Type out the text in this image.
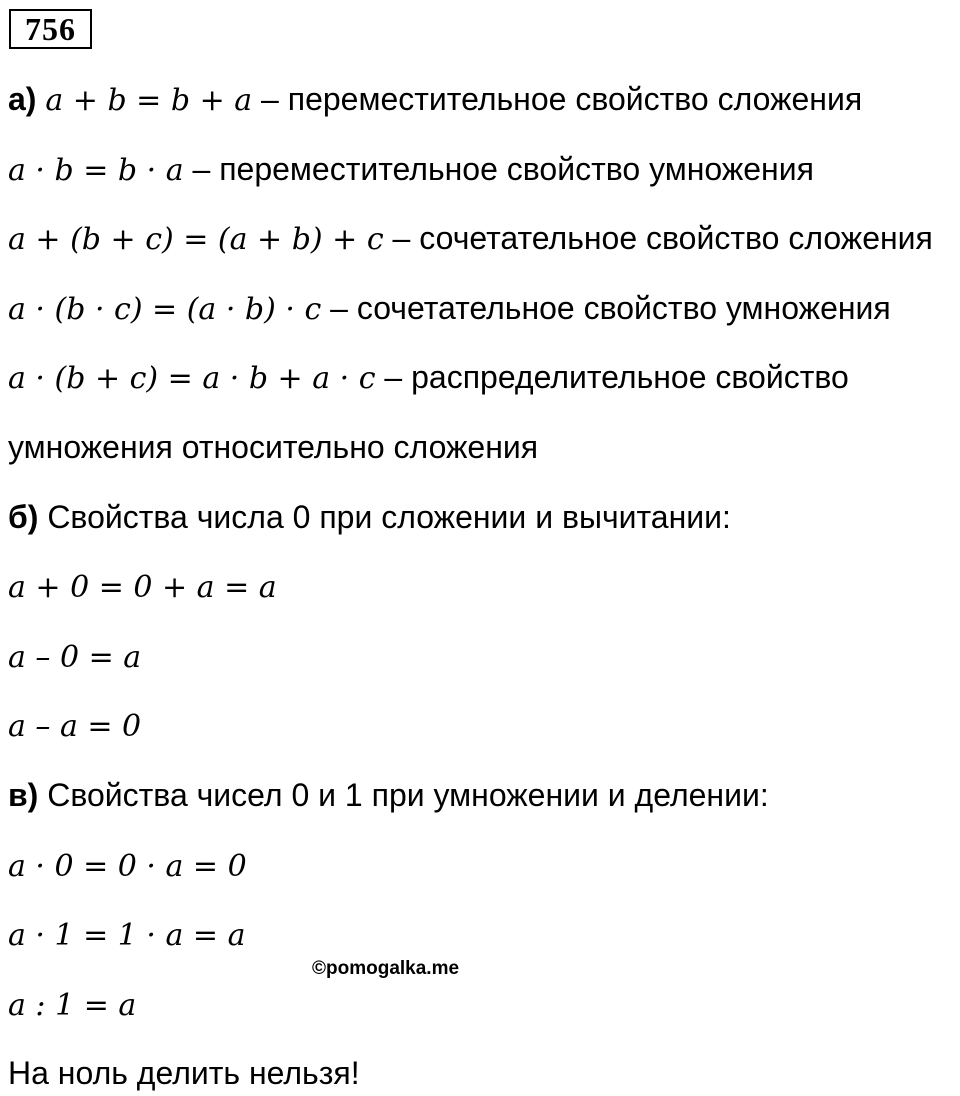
756
а) a + b = b + a – переместительное свойство сложения
a · b = b · a – переместительное свойство умножения
a + (b + c) = (a + b) + c – сочетательное свойство сложения
a · (b · c) = (a · b) · c – сочетательное свойство умножения
a · (b + c) = a · b + a · c – распределительное свойство
умножения относительно сложения
б) Свойства числа 0 при сложении и вычитании:
a + 0 = 0 + a = a
a – 0 = a
a – a = 0
в) Свойства чисел 0 и 1 при умножении и делении:
a · 0 = 0 · a = 0
a · 1 = 1 · a = a
©pomogalka.me
a : 1 = a
На ноль делить нельзя!
